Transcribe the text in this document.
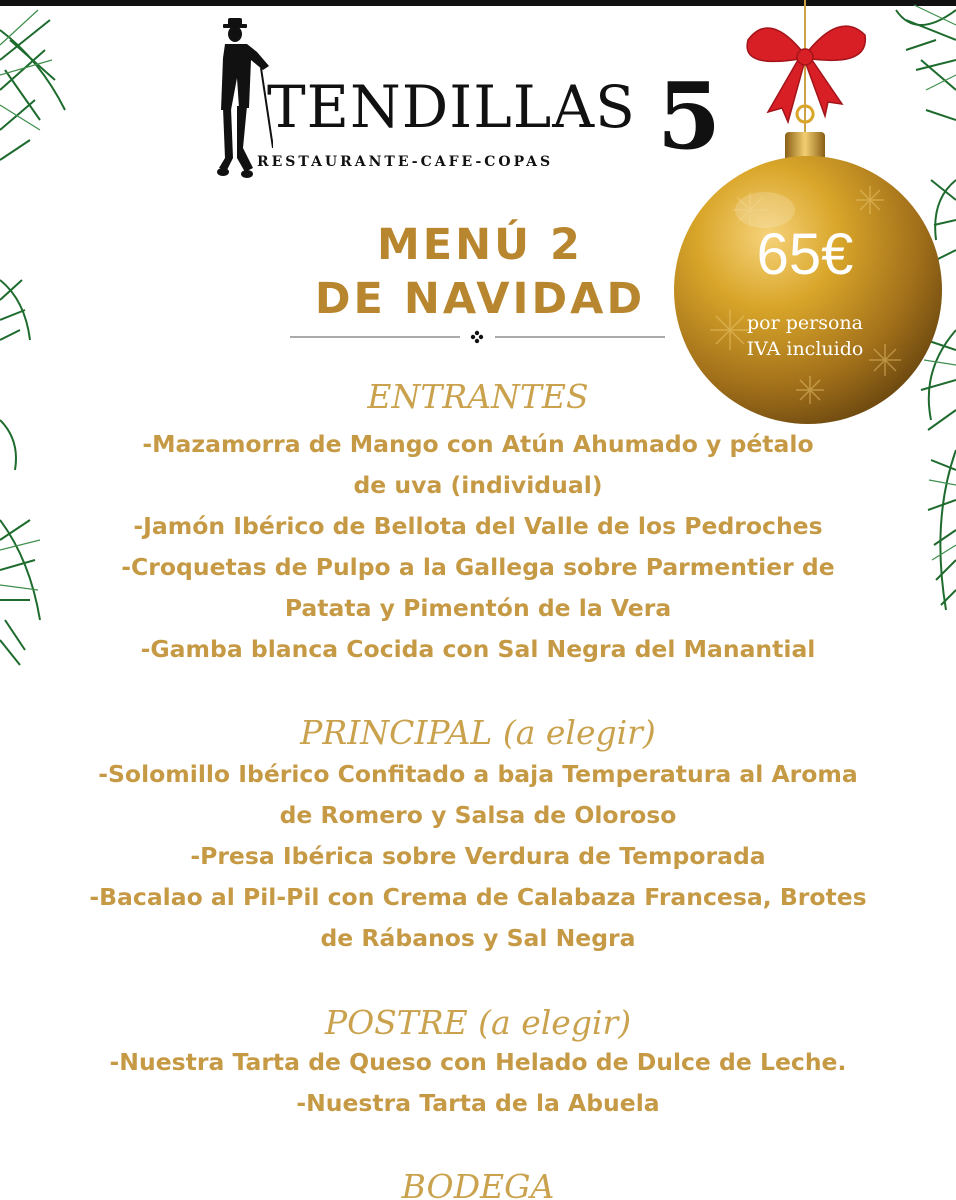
TENDILLAS 5
RESTAURANTE-CAFE-COPAS
65€
por persona
IVA incluido
MENÚ 2
DE NAVIDAD
ENTRANTES
-Mazamorra de Mango con Atún Ahumado y pétalo
de uva (individual)
-Jamón Ibérico de Bellota del Valle de los Pedroches
-Croquetas de Pulpo a la Gallega sobre Parmentier de
Patata y Pimentón de la Vera
-Gamba blanca Cocida con Sal Negra del Manantial
PRINCIPAL (a elegir)
-Solomillo Ibérico Confitado a baja Temperatura al Aroma
de Romero y Salsa de Oloroso
-Presa Ibérica sobre Verdura de Temporada
-Bacalao al Pil-Pil con Crema de Calabaza Francesa, Brotes
de Rábanos y Sal Negra
POSTRE (a elegir)
-Nuestra Tarta de Queso con Helado de Dulce de Leche.
-Nuestra Tarta de la Abuela
BODEGA
